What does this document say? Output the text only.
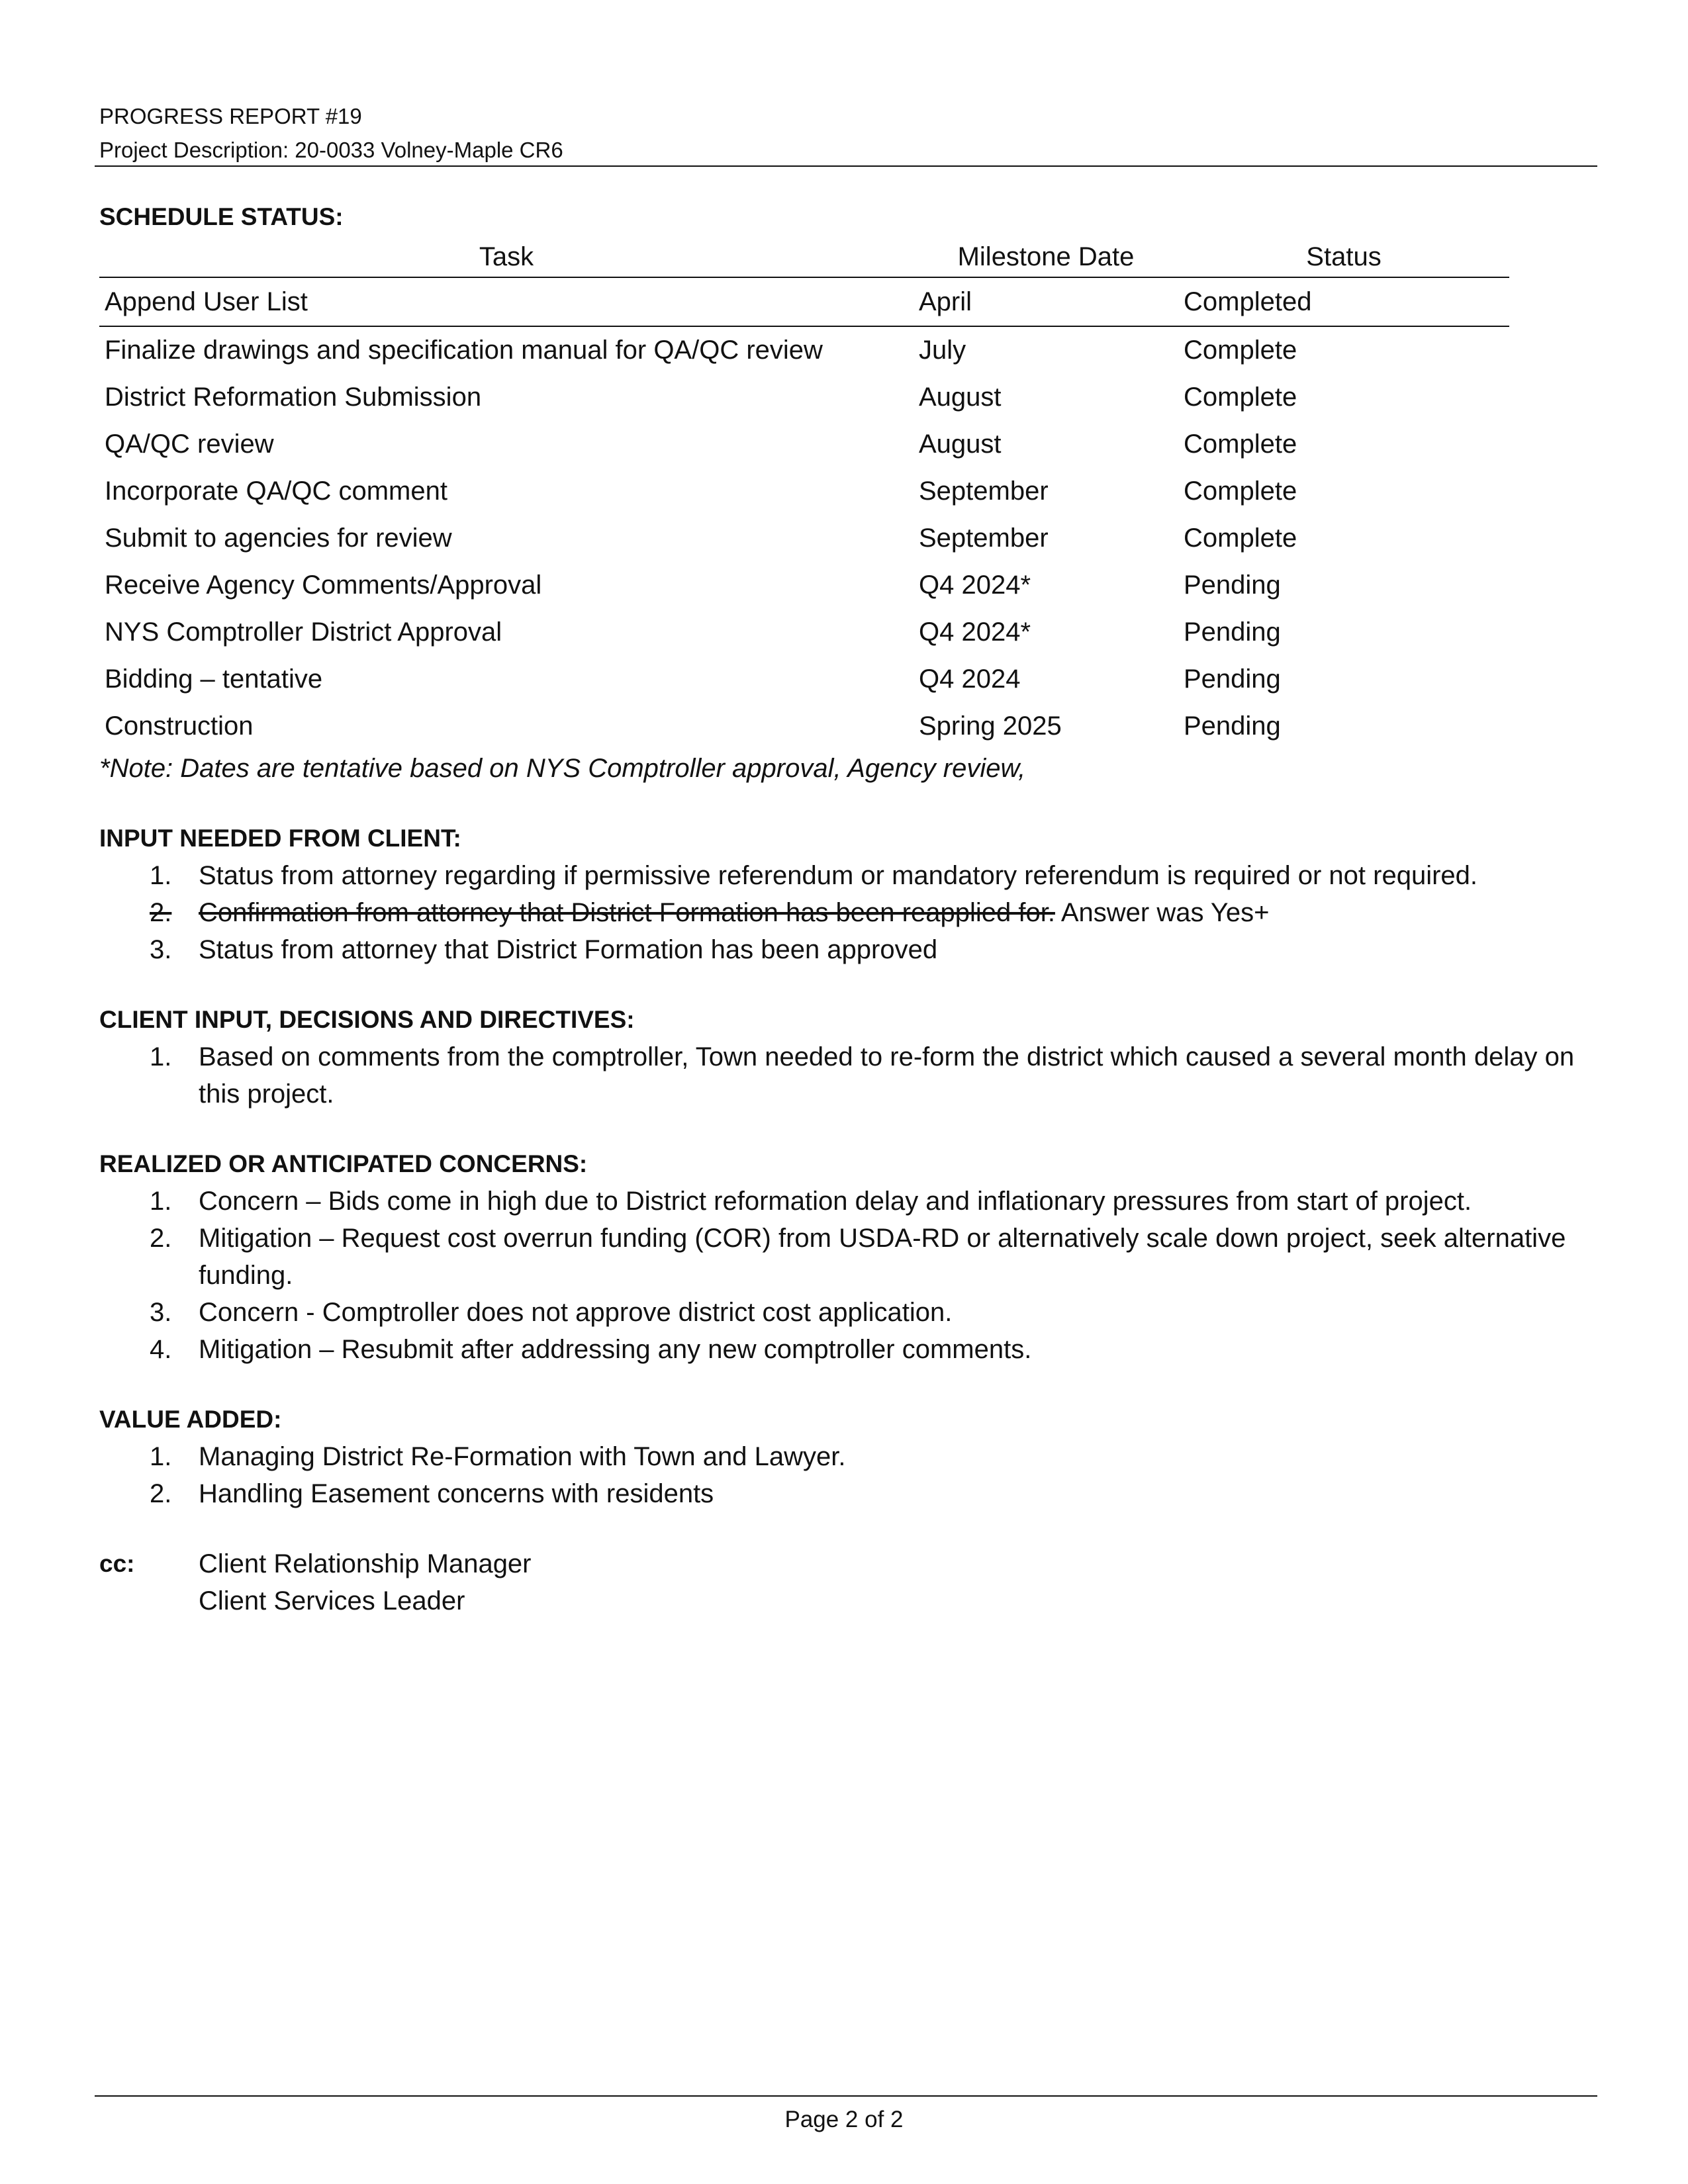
PROGRESS REPORT #19
Project Description: 20-0033 Volney-Maple CR6
SCHEDULE STATUS:
Task	Milestone Date	Status
Append User List	April	Completed
Finalize drawings and specification manual for QA/QC review	July	Complete
District Reformation Submission	August	Complete
QA/QC review	August	Complete
Incorporate QA/QC comment	September	Complete
Submit to agencies for review	September	Complete
Receive Agency Comments/Approval	Q4 2024*	Pending
NYS Comptroller District Approval	Q4 2024*	Pending
Bidding – tentative	Q4 2024	Pending
Construction	Spring 2025	Pending
*Note: Dates are tentative based on NYS Comptroller approval, Agency review,
INPUT NEEDED FROM CLIENT:
1. Status from attorney regarding if permissive referendum or mandatory referendum is required or not required.
2. Confirmation from attorney that District Formation has been reapplied for. Answer was Yes+
3. Status from attorney that District Formation has been approved
CLIENT INPUT, DECISIONS AND DIRECTIVES:
1. Based on comments from the comptroller, Town needed to re-form the district which caused a several month delay on this project.
REALIZED OR ANTICIPATED CONCERNS:
1. Concern – Bids come in high due to District reformation delay and inflationary pressures from start of project.
2. Mitigation – Request cost overrun funding (COR) from USDA-RD or alternatively scale down project, seek alternative funding.
3. Concern - Comptroller does not approve district cost application.
4. Mitigation – Resubmit after addressing any new comptroller comments.
VALUE ADDED:
1. Managing District Re-Formation with Town and Lawyer.
2. Handling Easement concerns with residents
cc: Client Relationship Manager
Client Services Leader
Page 2 of 2
